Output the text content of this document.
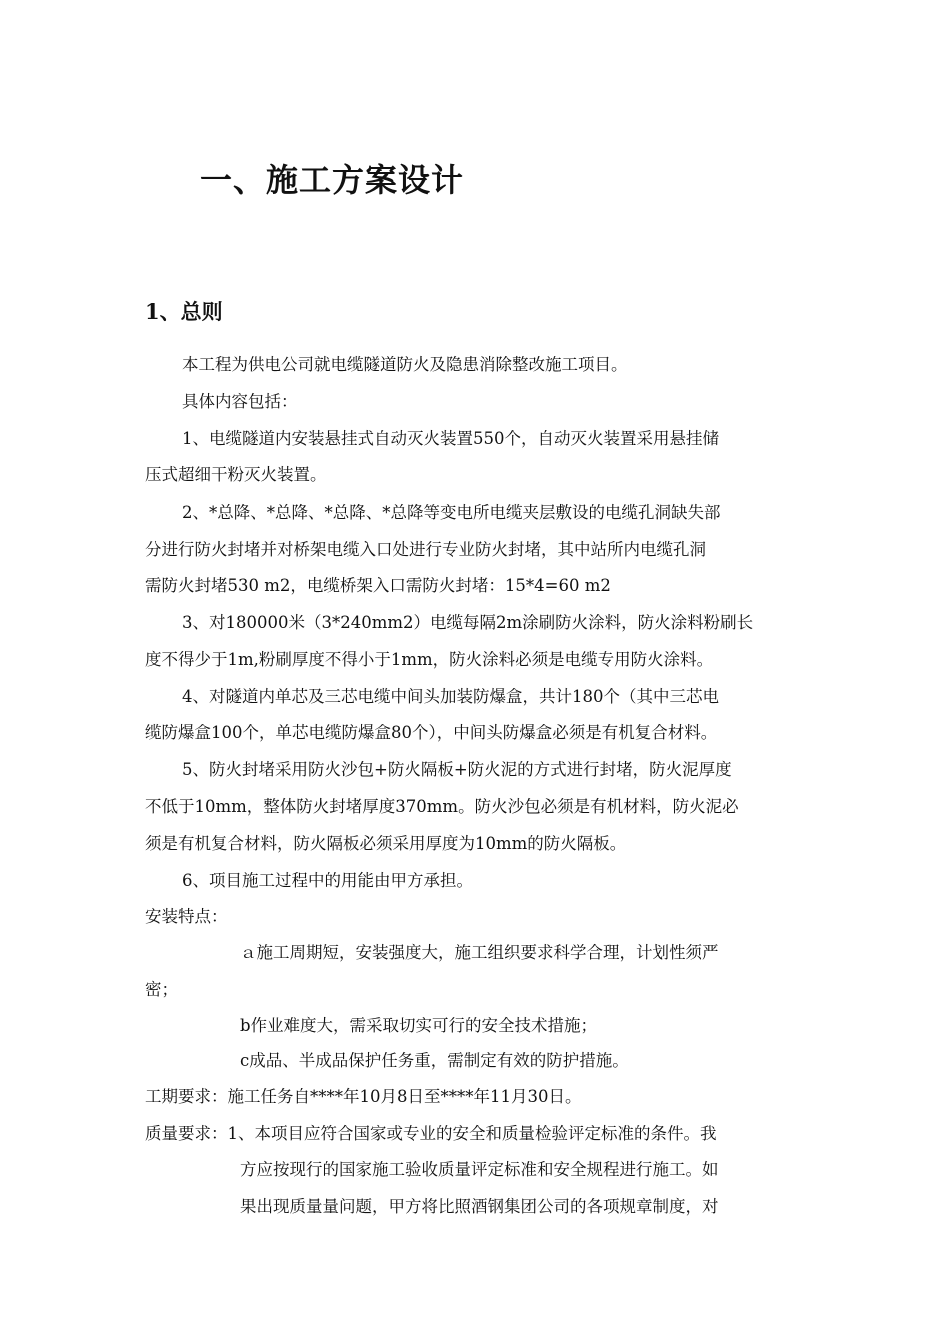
一、施工方案设计
1、总则
本工程为供电公司就电缆隧道防火及隐患消除整改施工项目。
具体内容包括：
1、电缆隧道内安装悬挂式自动灭火装置550个，自动灭火装置采用悬挂储
压式超细干粉灭火装置。
2、*总降、*总降、*总降、*总降等变电所电缆夹层敷设的电缆孔洞缺失部
分进行防火封堵并对桥架电缆入口处进行专业防火封堵，其中站所内电缆孔洞
需防火封堵530 m2，电缆桥架入口需防火封堵：15*4=60 m2
3、对180000米（3*240mm2）电缆每隔2m涂刷防火涂料，防火涂料粉刷长
度不得少于1m,粉刷厚度不得小于1mm，防火涂料必须是电缆专用防火涂料。
4、对隧道内单芯及三芯电缆中间头加装防爆盒，共计180个（其中三芯电
缆防爆盒100个，单芯电缆防爆盒80个），中间头防爆盒必须是有机复合材料。
5、防火封堵采用防火沙包+防火隔板+防火泥的方式进行封堵，防火泥厚度
不低于10mm，整体防火封堵厚度370mm。防火沙包必须是有机材料，防火泥必
须是有机复合材料，防火隔板必须采用厚度为10mm的防火隔板。
6、项目施工过程中的用能由甲方承担。
安装特点：
ａ施工周期短，安装强度大，施工组织要求科学合理，计划性须严
密；
b作业难度大，需采取切实可行的安全技术措施；
c成品、半成品保护任务重，需制定有效的防护措施。
工期要求：施工任务自****年10月8日至****年11月30日。
质量要求：1、本项目应符合国家或专业的安全和质量检验评定标准的条件。我
方应按现行的国家施工验收质量评定标准和安全规程进行施工。如
果出现质量量问题，甲方将比照酒钢集团公司的各项规章制度，对
